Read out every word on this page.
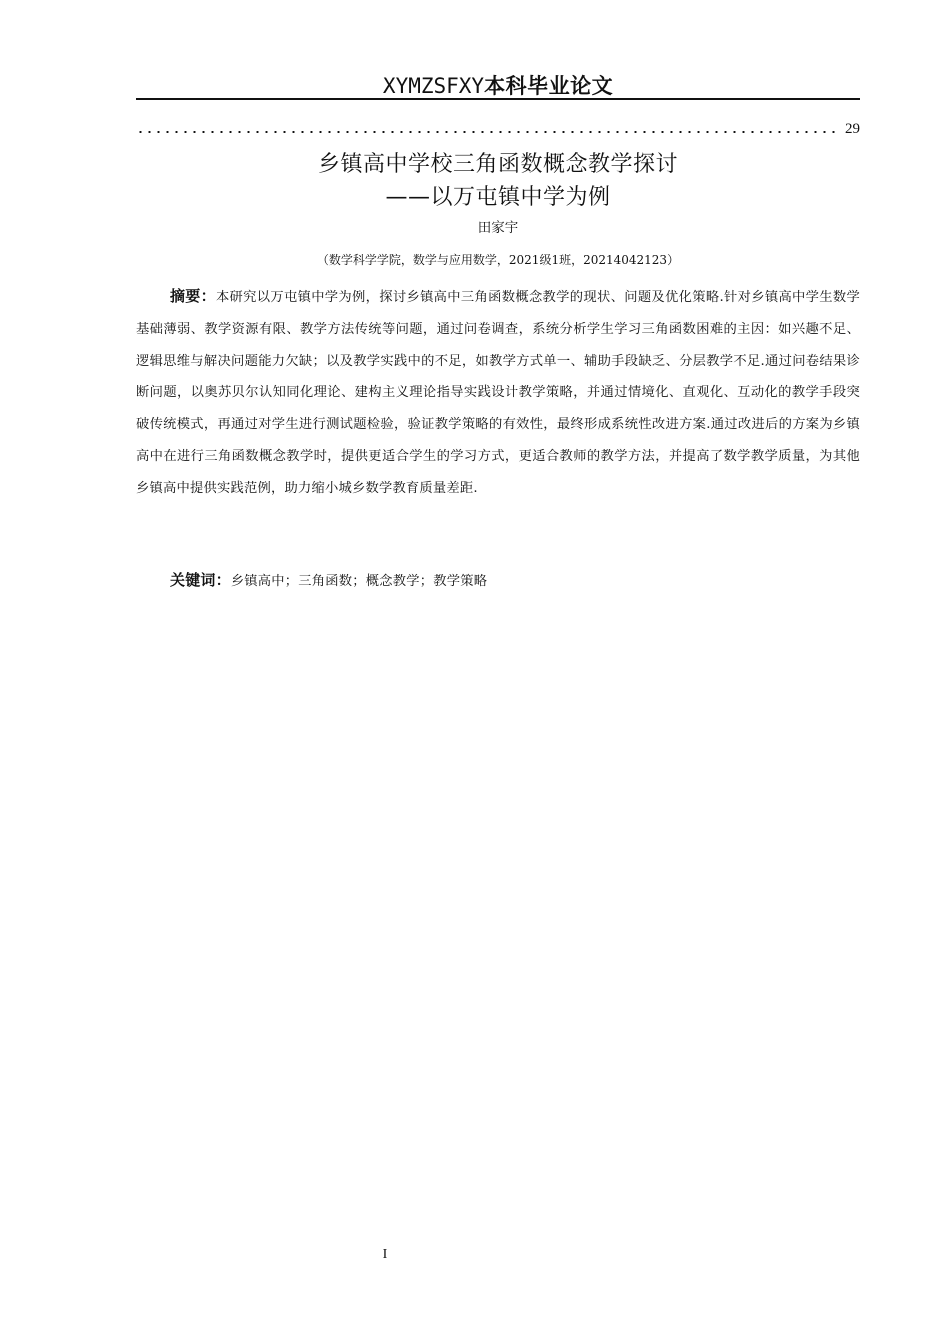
XYMZSFXY本科毕业论文
29
乡镇高中学校三角函数概念教学探讨
——以万屯镇中学为例
田家宇
（数学科学学院，数学与应用数学，2021级1班，20214042123）

摘要：本研究以万屯镇中学为例，探讨乡镇高中三角函数概念教学的现状、问题及优化策略.针对乡镇高中学生数学基础薄弱、教学资源有限、教学方法传统等问题，通过问卷调查，系统分析学生学习三角函数困难的主因：如兴趣不足、逻辑思维与解决问题能力欠缺；以及教学实践中的不足，如教学方式单一、辅助手段缺乏、分层教学不足.通过问卷结果诊断问题，以奥苏贝尔认知同化理论、建构主义理论指导实践设计教学策略，并通过情境化、直观化、互动化的教学手段突破传统模式，再通过对学生进行测试题检验，验证教学策略的有效性，最终形成系统性改进方案.通过改进后的方案为乡镇高中在进行三角函数概念教学时，提供更适合学生的学习方式，更适合教师的教学方法，并提高了数学教学质量，为其他乡镇高中提供实践范例，助力缩小城乡数学教育质量差距.

关键词：乡镇高中；三角函数；概念教学；教学策略

I
